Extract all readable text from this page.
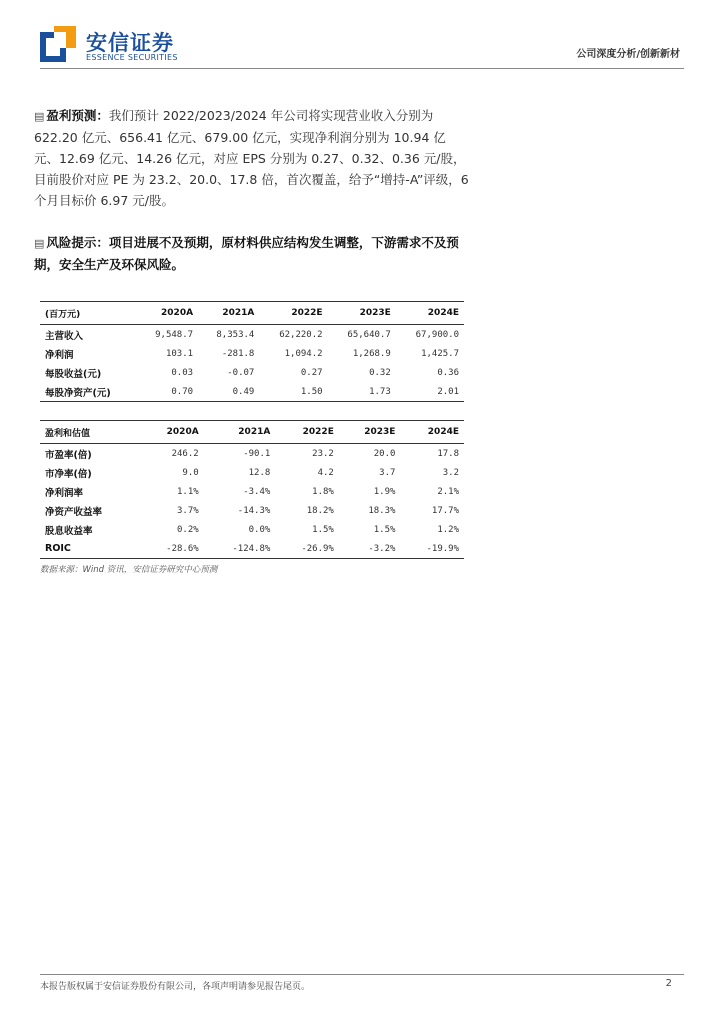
安信证券
ESSENCE SECURITIES	公司深度分析/创新新材
▤ 盈利预测：我们预计 2022/2023/2024 年公司将实现营业收入分别为 622.20 亿元、656.41 亿元、679.00 亿元，实现净利润分别为 10.94 亿元、12.69 亿元、14.26 亿元，对应 EPS 分别为 0.27、0.32、0.36 元/股，目前股价对应 PE 为 23.2、20.0、17.8 倍，首次覆盖，给予“增持-A”评级，6 个月目标价 6.97 元/股。
▤ 风险提示：项目进展不及预期，原材料供应结构发生调整，下游需求不及预期，安全生产及环保风险。
(百万元)	2020A	2021A	2022E	2023E	2024E
主营收入	9,548.7	8,353.4	62,220.2	65,640.7	67,900.0
净利润	103.1	-281.8	1,094.2	1,268.9	1,425.7
每股收益(元)	0.03	-0.07	0.27	0.32	0.36
每股净资产(元)	0.70	0.49	1.50	1.73	2.01
盈利和估值	2020A	2021A	2022E	2023E	2024E
市盈率(倍)	246.2	-90.1	23.2	20.0	17.8
市净率(倍)	9.0	12.8	4.2	3.7	3.2
净利润率	1.1%	-3.4%	1.8%	1.9%	2.1%
净资产收益率	3.7%	-14.3%	18.2%	18.3%	17.7%
股息收益率	0.2%	0.0%	1.5%	1.5%	1.2%
ROIC	-28.6%	-124.8%	-26.9%	-3.2%	-19.9%
数据来源：Wind 资讯，安信证券研究中心预测
本报告版权属于安信证券股份有限公司，各项声明请参见报告尾页。	2
